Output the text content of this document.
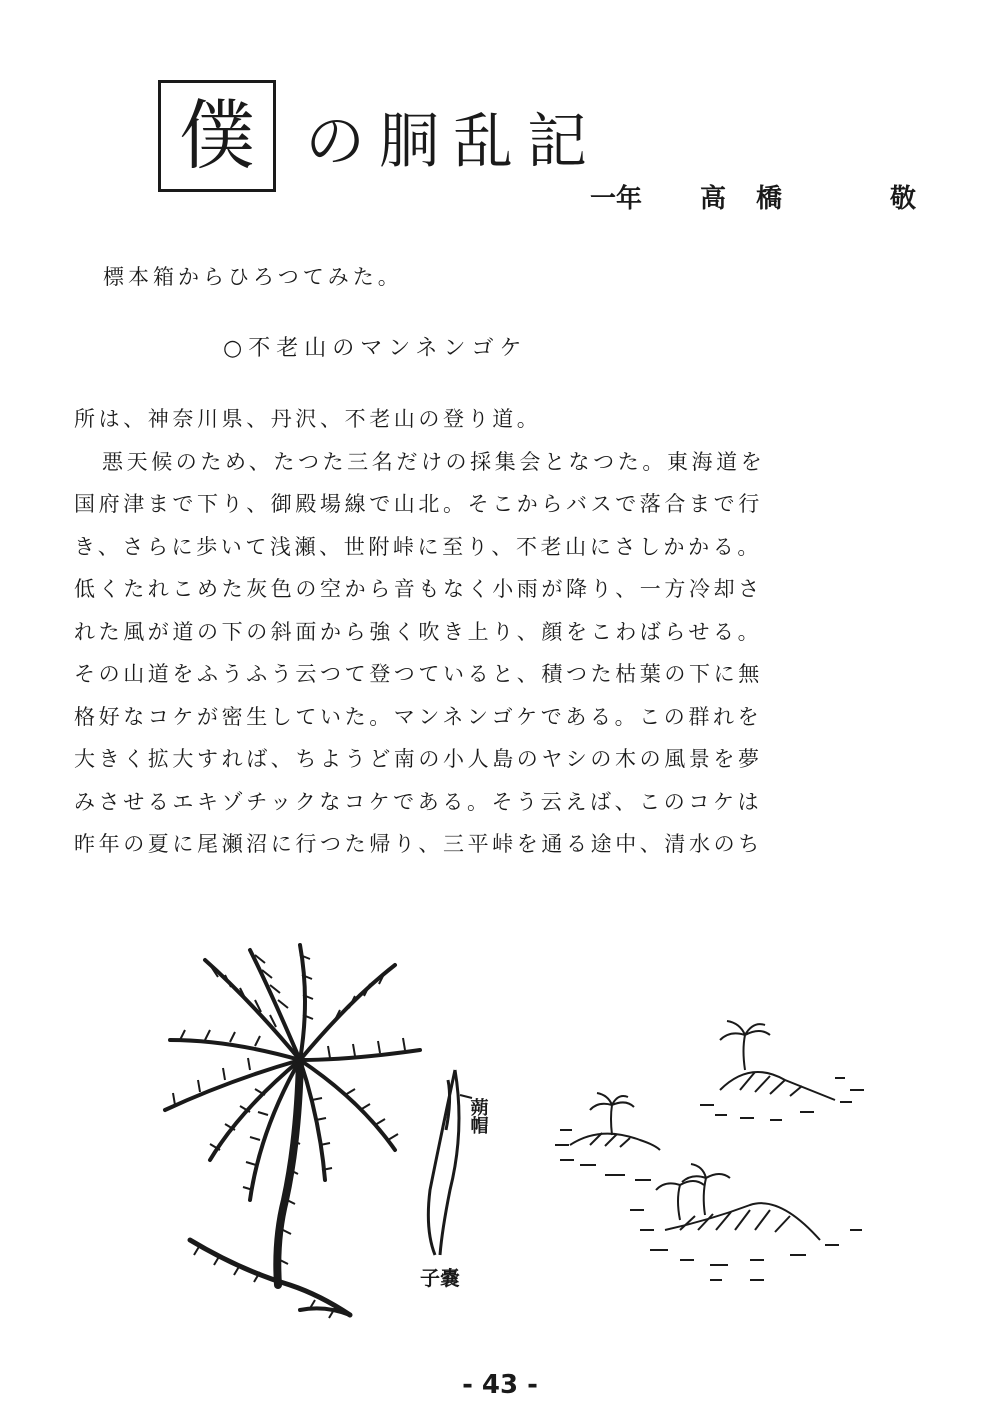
僕 の胴乱記
一年 高橋	敬
標本箱からひろつてみた。
○不老山のマンネンゴケ
所は、神奈川県、丹沢、不老山の登り道。
悪天候のため、たつた三名だけの採集会となつた。東海道を
国府津まで下り、御殿場線で山北。そこからバスで落合まで行
き、さらに歩いて浅瀬、世附峠に至り、不老山にさしかかる。
低くたれこめた灰色の空から音もなく小雨が降り、一方冷却さ
れた風が道の下の斜面から強く吹き上り、顔をこわばらせる。
その山道をふうふう云つて登つていると、積つた枯葉の下に無
格好なコケが密生していた。マンネンゴケである。この群れを
大きく拡大すれば、ちようど南の小人島のヤシの木の風景を夢
みさせるエキゾチックなコケである。そう云えば、このコケは
昨年の夏に尾瀬沼に行つた帰り、三平峠を通る途中、清水のち
蒴帽
子嚢
- 43 -
